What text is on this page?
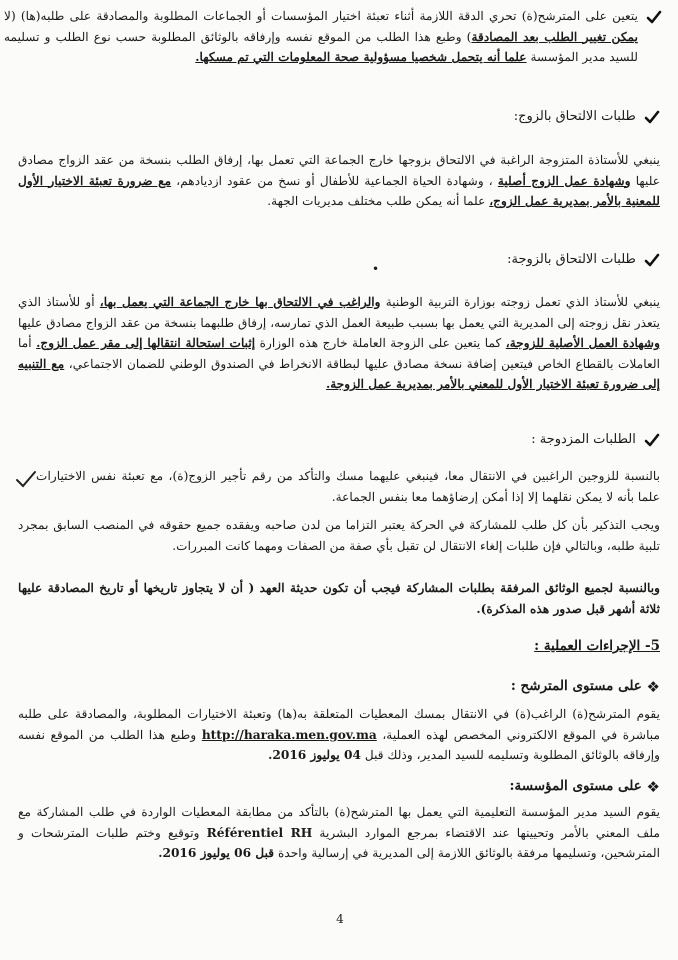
يتعين على المترشح(ة) تحري الدقة اللازمة أثناء تعبئة اختيار المؤسسات أو الجماعات المطلوبة والمصادقة على طلبه(ها) (لا يمكن تغيير الطلب بعد المصادقة) وطبع هذا الطلب من الموقع نفسه وإرفاقه بالوثائق المطلوبة حسب نوع الطلب و تسليمه للسيد مدير المؤسسة علما أنه يتحمل شخصيا مسؤولية صحة المعلومات التي تم مسكها.
طلبات الالتحاق بالزوج:
ينبغي للأستاذة المتزوجة الراغبة في الالتحاق بزوجها خارج الجماعة التي تعمل بها، إرفاق الطلب بنسخة من عقد الزواج مصادق عليها وشهادة عمل الزوج أصلية ، وشهادة الحياة الجماعية للأطفال أو نسخ من عقود ازديادهم، مع ضرورة تعبئة الاختيار الأول للمعنية بالأمر بمديرية عمل الزوج، علما أنه يمكن طلب مختلف مديريات الجهة.
•
طلبات الالتحاق بالزوجة:
ينبغي للأستاذ الذي تعمل زوجته بوزارة التربية الوطنية والراغب في الالتحاق بها خارج الجماعة التي يعمل بها، أو للأستاذ الذي يتعذر نقل زوجته إلى المديرية التي يعمل بها بسبب طبيعة العمل الذي تمارسه، إرفاق طلبهما بنسخة من عقد الزواج مصادق عليها وشهادة العمل الأصلية للزوجة، كما يتعين على الزوجة العاملة خارج هذه الوزارة إثبات استحالة انتقالها إلى مقر عمل الزوج. أما العاملات بالقطاع الخاص فيتعين إضافة نسخة مصادق عليها لبطاقة الانخراط في الصندوق الوطني للضمان الاجتماعي، مع التنبيه إلى ضرورة تعبئة الاختيار الأول للمعني بالأمر بمديرية عمل الزوجة.
الطلبات المزدوجة :
بالنسبة للزوجين الراغبين في الانتقال معا، فينبغي عليهما مسك والتأكد من رقم تأجير الزوج(ة)، مع تعبئة نفس الاختيارات علما بأنه لا يمكن نقلهما إلا إذا أمكن إرضاؤهما معا بنفس الجماعة.
ويجب التذكير بأن كل طلب للمشاركة في الحركة يعتبر التزاما من لدن صاحبه ويفقده جميع حقوقه في المنصب السابق بمجرد تلبية طلبه، وبالتالي فإن طلبات إلغاء الانتقال لن تقبل بأي صفة من الصفات ومهما كانت المبررات.
وبالنسبة لجميع الوثائق المرفقة بطلبات المشاركة فيجب أن تكون حديثة العهد ( أن لا يتجاوز تاريخها أو تاريخ المصادقة عليها ثلاثة أشهر قبل صدور هذه المذكرة).
5- الإجراءات العملية :
❖ على مستوى المترشح :
يقوم المترشح(ة) الراغب(ة) في الانتقال بمسك المعطيات المتعلقة به(ها) وتعبئة الاختيارات المطلوبة، والمصادقة على طلبه مباشرة في الموقع الالكتروني المخصص لهذه العملية، http://haraka.men.gov.ma وطبع هذا الطلب من الموقع نفسه وإرفاقه بالوثائق المطلوبة وتسليمه للسيد المدير، وذلك قبل 04 يوليوز 2016.
❖ على مستوى المؤسسة:
يقوم السيد مدير المؤسسة التعليمية التي يعمل بها المترشح(ة) بالتأكد من مطابقة المعطيات الواردة في طلب المشاركة مع ملف المعني بالأمر وتحيينها عند الاقتضاء بمرجع الموارد البشرية Référentiel RH وتوقيع وختم طلبات المترشحات و المترشحين، وتسليمها مرفقة بالوثائق اللازمة إلى المديرية في إرسالية واحدة قبل 06 يوليوز 2016.
4
